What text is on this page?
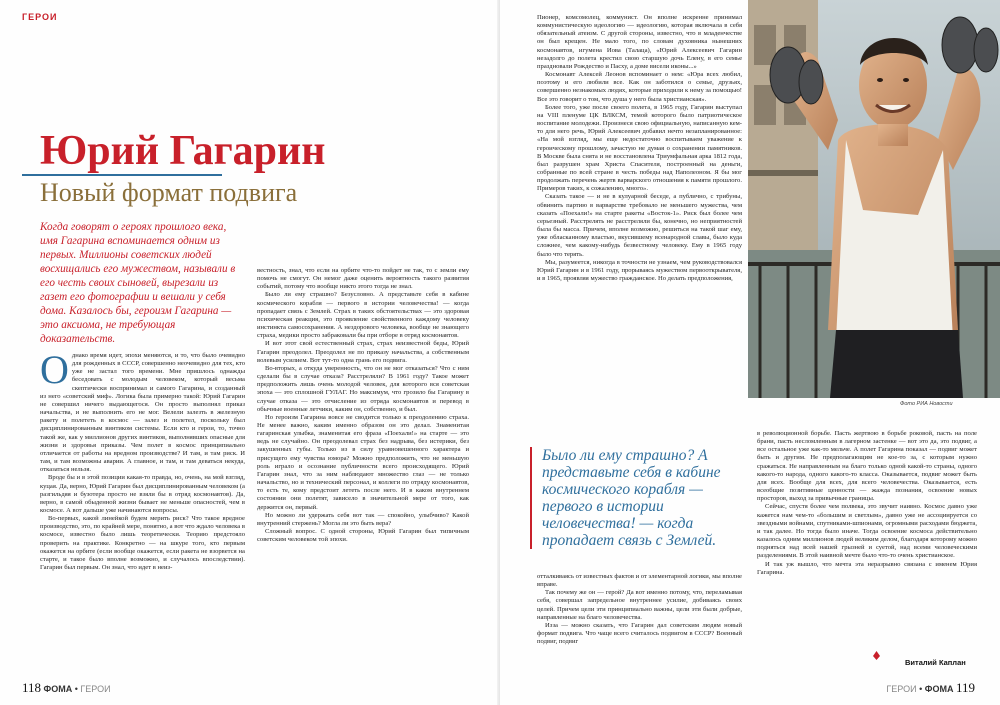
ГЕРОИ
Юрий Гагарин
Новый формат подвига
Когда говорят о героях прошлого века, имя Гагарина вспоминается одним из первых. Миллионы советских людей восхищались его мужеством, называли в его честь своих сыновей, вырезали из газет его фотографии и вешали у себя дома. Казалось бы, героизм Гагарина — это аксиома, не требующая доказательств.
О днако время идет, эпохи меняются, и то, что было очевидно для рожденных в СССР, совершенно неочевидно для тех, кто уже не застал того времени. Мне пришлось однажды беседовать с молодым человеком, который весьма скептически воспринимал и самого Гагарина, и созданный из него «советский миф». Логика была примерно такой: Юрий Гагарин не совершил ничего выдающегося. Он просто выполнял приказ начальства, и не выполнить его не мог. Велели залезть в железную ракету и полететь в космос — залез и полетел, поскольку был дисциплинированным винтиком системы. Если кто и герои, то, точно такой же, как у миллионов других винтиков, выполнявших опасные для жизни и здоровья приказы. Чем полет в космос принципиально отличается от работы на вредном производстве? И там, и там риск. И там, и там возможны аварии. А главное, и там, и там деваться некуда, отказаться нельзя.

Вроде бы и в этой позиции какая-то правда, но, очень, на мой взгляд, куцая. Да, верно, Юрий Гагарин был дисциплинированным человеком (а разгильдяя и бузотера просто не взяли бы в отряд космонавтов). Да, верно, в самой обыденной жизни бывает не меньше опасностей, чем в космосе. А вот дальше уже начинаются вопросы.

Во-первых, какой линейкой будем мерить риск? Что такое вредное производство, это, по крайней мере, понятно, а вот что ждало человека в космосе, известно было лишь теоретически. Теорию предстояло проверить на практике. Конкретно — на шкуре того, кто первым окажется на орбите (если вообще окажется, если ракета не взорвется на старте, и такое было вполне возможно, и случалось впоследствии). Гагарин был первым. Он знал, что идет в неиз-

вестность, знал, что если на орбите что-то пойдет не так, то с земли ему помочь не смогут. Он немог даже оценить вероятность такого развития событий, потому что вообще никто этого тогда не знал.

Было ли ему страшно? Безусловно. А представьте себя в кабине космического корабля — первого в истории человечества! — когда пропадает связь с Землей. Страх в таких обстоятельствах — это здоровая психическая реакция, это проявление свойственного каждому человеку инстинкта самосохранения. А нездорового человека, вообще не знающего страха, медики просто забраковали бы при отборе в отряд космонавтов.

И вот этот свой естественный страх, страх неизвестной беды, Юрий Гагарин преодолел. Преодолел не по приказу начальства, а собственным волевым усилием. Вот тут-то одна грань его подвига.

Во-вторых, а откуда уверенность, что он не мог отказаться? Что с ним сделали бы в случае отказа? Расстреляли? В 1961 году? Такое может предположить лишь очень молодой человек, для которого вся советская эпоха — это сплошной ГУЛАГ. Но максимум, что грозило бы Гагарину в случае отказа — это отчисление из отряда космонавтов и перевод в обычные военные летчики, каким он, собственно, и был.

Но героизм Гагарина вовсе не сводится только к преодолению страха. Не менее важно, каким именно образом он это делал. Знаменитая гагаринская улыбка, знаменитая его фраза «Поехали!» на старте — это ведь не случайно. Он преодолевал страх без надрыва, без истерики, без закушенных губы. Только из в силу уравновешенного характера и присущего ему чувства юмора? Можно предположить, что не меньшую роль играло и осознание публичности всего происходящего. Юрий Гагарин знал, что за ним наблюдают множество глаз — не только начальство, но и технический персонал, и коллеги по отряду космонавтов, то есть те, кому предстоит лететь после него. И в каком внутреннем состоянии они полетят, зависело в значительной мере от того, как держится он, первый.

Но можно ли удержать себя вот так — спокойно, улыбчиво? Какой внутренний стержень? Могла ли это быть вера?

Сложный вопрос. С одной стороны, Юрий Гагарин был типичным советским человеком той эпохи.

118 ФОМА • ГЕРОИ

Пионер, комсомолец, коммунист. Он вполне искренне принимал коммунистическую идеологию — идеологию, которая включала в себя обязательный атеизм. С другой стороны, известно, что в младенчестве он был крещен. Не мало того, по словам духовника нынешних космонавтов, игумена Иова (Талаца), «Юрий Алексеевич Гагарин незадолго до полета крестил свою старшую дочь Елену, в его семье праздновали Рождество и Пасху, а доме висели иконы...»

Космонавт Алексей Леонов вспоминает о нем: «Юра всех любил, поэтому и его любили все. Как он заботился о семье, друзьях, совершенно незнакомых людях, которые приходили к нему за помощью! Все это говорит о том, что душа у него была христианская».

Более того, уже после своего полета, в 1965 году, Гагарин выступал на VIII пленуме ЦК ВЛКСМ, темой которого было патриотическое воспитание молодежи. Произнеся свою официальную, написанную кем-то для него речь, Юрий Алексеевич добавил нечто незапланированное: «На мой взгляд, мы еще недостаточно воспитываем уважение к героическому прошлому, зачастую не думая о сохранении памятников. В Москве была снята и не восстановлена Триумфальная арка 1812 года, был разрушен храм Христа Спасителя, построенный на деньги, собранные по всей стране в честь победы над Наполеоном. Я бы мог продолжать перечень жертв варварского отношения к памяти прошлого. Примеров таких, к сожалению, много».

Сказать такое — и не в кулуарной беседе, а публично, с трибуны, обвинить партию в варварстве требовало не меньшего мужества, чем сказать «Поехали!» на старте ракеты «Восток-1». Риск был более чем серьезный. Расстрелять не расстреляли бы, конечно, но неприятностей была бы масса. Причем, вполне возможно, решиться на такой шаг ему, уже обласканному властью, вкусившему всенародной славы, было куда сложнее, чем какому-нибудь безвестному человеку. Ему в 1965 году было что терять.

Мы, разумеется, никогда в точности не узнаем, чем руководствовался Юрий Гагарин и в 1961 году, прорываясь мужеством первооткрывателя, и в 1965, проявляя мужество гражданское. Но делать предположения,

отталкиваясь от известных фактов и от элементарной логики, мы вполне вправе.

Так почему же он — герой? Да вот именно потому, что, переламывая себя, совершал запредельное внутреннее усилие, добиваясь своих целей. Причем цели эти принципиально важны, цели эти были добрые, направленные на благо человечества.

Изза — можно сказать, что Гагарин дал советским людям новый формат подвига. Что чаще всего считалось подвигом в СССР? Военный подвиг, подвиг

в революционной борьбе. Пасть жертвою в борьбе роковой, пасть на поле брани, пасть несломленным в лагерном застенке — вот это да, это подвиг, а все остальное уже как-то мельче. А полет Гагарина показал — подвиг может быть и другим. Не предполагающим не кое-то за, с которым нужно сражаться. Не направленным на благо только одной какой-то страны, одного какого-то народа, одного какого-то класса. Оказывается, подвиг может быть для всех. Вообще для всех, для всего человечества. Оказывается, есть всеобщие позитивные ценности — жажда познания, освоение новых просторов, выход за привычные границы.

Сейчас, спустя более чем полвека, это звучит наивно. Космос давно уже кажется нам чем-то «большим и светлым», давно уже не ассоциируется со звездными войнами, спутниками-шпионами, огромными расходами бюджета, и так далее. Но тогда было иначе. Тогда освоение космоса действительно казалось одним миллионов людей великим делом, благодаря которому можно подняться над всей нашей грызней и суетой, над всеми человеческими разделениями. В этой наивной мечте было что-то очень христианское.

И так уж вышло, что мечта эта неразрывно связана с именем Юрия Гагарина.

ГЕРОИ • ФОМА 119
Было ли ему страшно? А представьте себя в кабине космического корабля — первого в истории человечества! — когда пропадает связь с Землей.
Фото РИА Новости
Виталий Каплан
